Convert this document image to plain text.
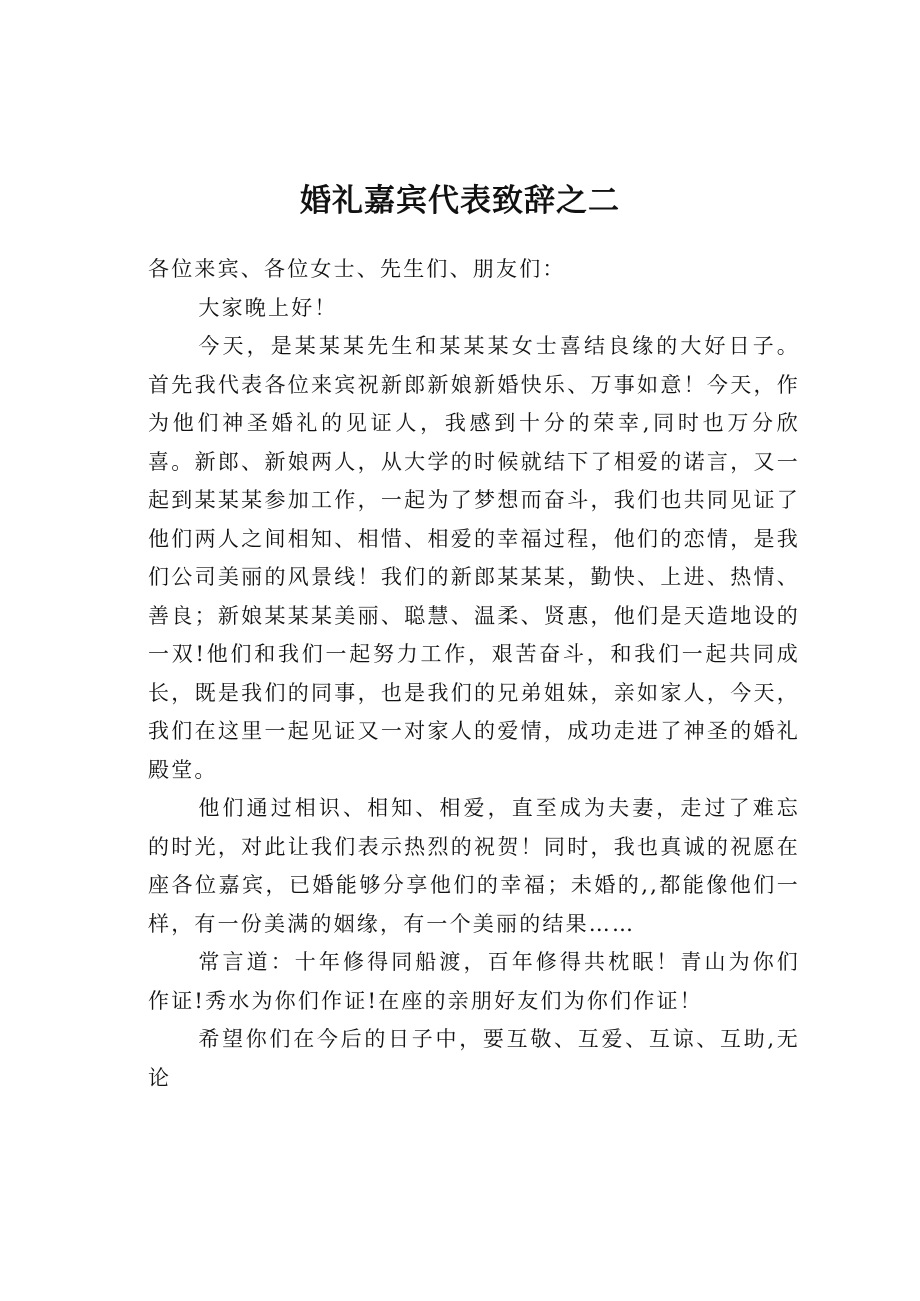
婚礼嘉宾代表致辞之二

各位来宾、各位女士、先生们、朋友们：

大家晚上好！

今天，是某某某先生和某某某女士喜结良缘的大好日子。首先我代表各位来宾祝新郎新娘新婚快乐、万事如意！今天，作为他们神圣婚礼的见证人，我感到十分的荣幸,同时也万分欣喜。新郎、新娘两人，从大学的时候就结下了相爱的诺言，又一起到某某某参加工作，一起为了梦想而奋斗，我们也共同见证了他们两人之间相知、相惜、相爱的幸福过程，他们的恋情，是我们公司美丽的风景线！我们的新郎某某某，勤快、上进、热情、善良；新娘某某某美丽、聪慧、温柔、贤惠，他们是天造地设的一双!他们和我们一起努力工作，艰苦奋斗，和我们一起共同成长，既是我们的同事，也是我们的兄弟姐妹，亲如家人，今天，我们在这里一起见证又一对家人的爱情，成功走进了神圣的婚礼殿堂。

他们通过相识、相知、相爱，直至成为夫妻，走过了难忘的时光，对此让我们表示热烈的祝贺！同时，我也真诚的祝愿在座各位嘉宾，已婚能够分享他们的幸福；未婚的,,都能像他们一样，有一份美满的姻缘，有一个美丽的结果……

常言道：十年修得同船渡，百年修得共枕眠！青山为你们作证!秀水为你们作证!在座的亲朋好友们为你们作证！

希望你们在今后的日子中，要互敬、互爱、互谅、互助,无论
